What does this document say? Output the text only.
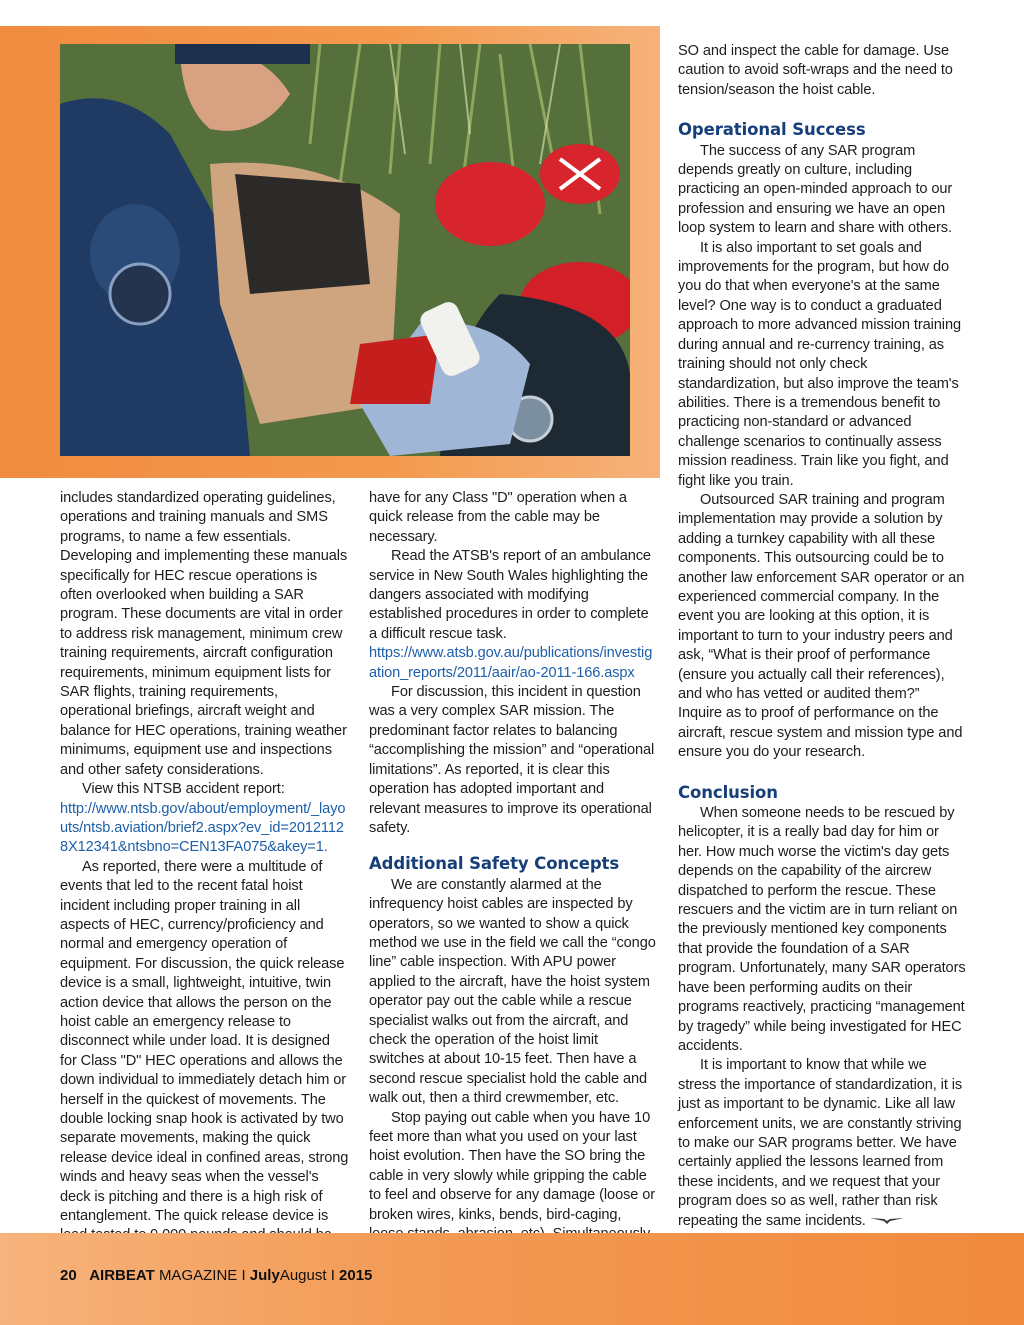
includes standardized operating guidelines, operations and training manuals and SMS programs, to name a few essentials. Developing and implementing these manuals specifically for HEC rescue operations is often overlooked when building a SAR program. These documents are vital in order to address risk management, minimum crew training requirements, aircraft configuration requirements, minimum equipment lists for SAR flights, training requirements, operational briefings, aircraft weight and balance for HEC operations, training weather minimums, equipment use and inspections and other safety considerations.

View this NTSB accident report:

http://www.ntsb.gov/about/employment/_layouts/ntsb.aviation/brief2.aspx?ev_id=20121128X12341&ntsbno=CEN13FA075&akey=1.

As reported, there were a multitude of events that led to the recent fatal hoist incident including proper training in all aspects of HEC, currency/proficiency and normal and emergency operation of equipment. For discussion, the quick release device is a small, lightweight, intuitive, twin action device that allows the person on the hoist cable an emergency release to disconnect while under load. It is designed for Class "D" HEC operations and allows the down individual to immediately detach him or herself in the quickest of movements. The double locking snap hook is activated by two separate movements, making the quick release device ideal in confined areas, strong winds and heavy seas when the vessel's deck is pitching and there is a high risk of entanglement. The quick release device is

have for any Class "D" operation when a quick release from the cable may be necessary.

Read the ATSB's report of an ambulance service in New South Wales highlighting the dangers associated with modifying established procedures in order to complete a difficult rescue task.

https://www.atsb.gov.au/publications/investigation_reports/2011/aair/ao-2011-166.aspx

For discussion, this incident in question was a very complex SAR mission. The predominant factor relates to balancing “accomplishing the mission” and “operational limitations”. As reported, it is clear this operation has adopted important and relevant measures to improve its operational safety.

Additional Safety Concepts

We are constantly alarmed at the infrequency hoist cables are inspected by operators, so we wanted to show a quick method we use in the field we call the “congo line” cable inspection. With APU power applied to the aircraft, have the hoist system operator pay out the cable while a rescue specialist walks out from the aircraft, and check the operation of the hoist limit switches at about 10-15 feet. Then have a second rescue specialist hold the cable and walk out, then a third crewmember, etc.

Stop paying out cable when you have 10 feet more than what you used on your last hoist evolution. Then have the SO bring the cable in very slowly while gripping the cable to feel and observe for any damage (loose or broken wires, kinks, bends, bird-caging,

SO and inspect the cable for damage. Use caution to avoid soft-wraps and the need to tension/season the hoist cable.

Operational Success

The success of any SAR program depends greatly on culture, including practicing an open-minded approach to our profession and ensuring we have an open loop system to learn and share with others.

It is also important to set goals and improvements for the program, but how do you do that when everyone's at the same level? One way is to conduct a graduated approach to more advanced mission training during annual and re-currency training, as training should not only check standardization, but also improve the team's abilities. There is a tremendous benefit to practicing non-standard or advanced challenge scenarios to continually assess mission readiness. Train like you fight, and fight like you train.

Outsourced SAR training and program implementation may provide a solution by adding a turnkey capability with all these components. This outsourcing could be to another law enforcement SAR operator or an experienced commercial company. In the event you are looking at this option, it is important to turn to your industry peers and ask, “What is their proof of performance (ensure you actually call their references), and who has vetted or audited them?” Inquire as to proof of performance on the aircraft, rescue system and mission type and ensure you do your research.

Conclusion

When someone needs to be rescued by helicopter, it is a really bad day for him or her. How much worse the victim's day gets depends on the capability of the aircrew dispatched to perform the rescue. These rescuers and the victim are in turn reliant on the previously mentioned key components that provide the foundation of a SAR program. Unfortunately, many SAR operators have been performing audits on their programs reactively, practicing “management by tragedy” while being investigated for HEC accidents.

It is important to know that while we stress the importance of standardization, it is just as important to be dynamic. Like all law enforcement units, we are constantly striving to make our SAR programs better. We have certainly applied the lessons learned from these incidents, and we request that your program does so as well, rather than risk repeating the same incidents.

20 AIRBEAT MAGAZINE I JulyAugust I 2015
